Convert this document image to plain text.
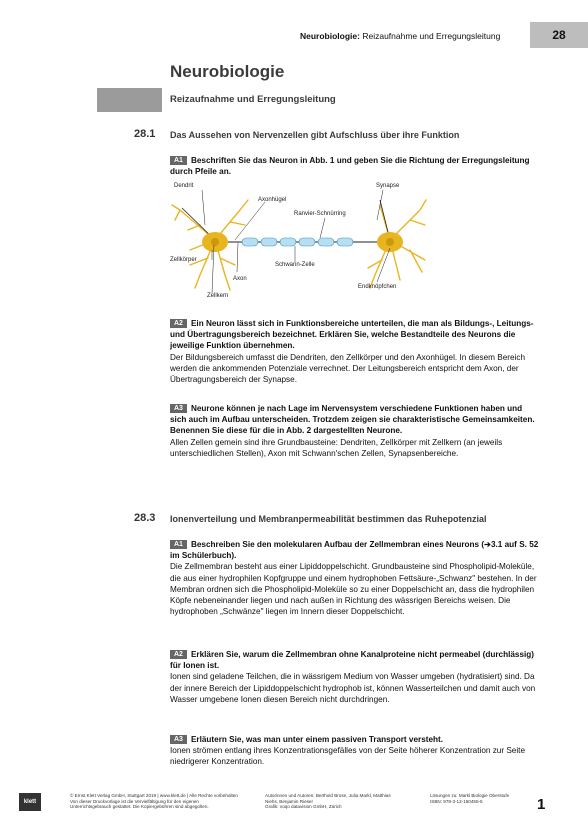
Neurobiologie: Reizaufnahme und Erregungsleitung	28
Neurobiologie
Reizaufnahme und Erregungsleitung
28.1 Das Aussehen von Nervenzellen gibt Aufschluss über ihre Funktion
A1 Beschriften Sie das Neuron in Abb. 1 und geben Sie die Richtung der Erregungsleitung durch Pfeile an.
Dendrit
Axonhügel
Ranvier-Schnürring
Synapse
Zellkörper
Schwann-Zelle
Axon
Endknöpfchen
Zellkern
A2 Ein Neuron lässt sich in Funktionsbereiche unterteilen, die man als Bildungs-, Leitungs- und Übertragungsbereich bezeichnet. Erklären Sie, welche Bestandteile des Neurons die jeweilige Funktion übernehmen.
Der Bildungsbereich umfasst die Dendriten, den Zellkörper und den Axonhügel. In diesem Bereich werden die ankommenden Potenziale verrechnet. Der Leitungsbereich entspricht dem Axon, der Übertragungsbereich der Synapse.
A3 Neurone können je nach Lage im Nervensystem verschiedene Funktionen haben und sich auch im Aufbau unterscheiden. Trotzdem zeigen sie charakteristische Gemeinsamkeiten. Benennen Sie diese für die in Abb. 2 dargestellten Neurone.
Allen Zellen gemein sind ihre Grundbausteine: Dendriten, Zellkörper mit Zellkern (an jeweils unterschiedlichen Stellen), Axon mit Schwann'schen Zellen, Synapsenbereiche.
28.3 Ionenverteilung und Membranpermeabilität bestimmen das Ruhepotenzial
A1 Beschreiben Sie den molekularen Aufbau der Zellmembran eines Neurons (➔3.1 auf S. 52 im Schülerbuch).
Die Zellmembran besteht aus einer Lipiddoppelschicht. Grundbausteine sind Phospholipid-Moleküle, die aus einer hydrophilen Kopfgruppe und einem hydrophoben Fettsäure-„Schwanz" bestehen. In der Membran ordnen sich die Phospholipid-Moleküle so zu einer Doppelschicht an, dass die hydrophilen Köpfe nebeneinander liegen und nach außen in Richtung des wässrigen Bereichs weisen. Die hydrophoben „Schwänze" liegen im Innern dieser Doppelschicht.
A2 Erklären Sie, warum die Zellmembran ohne Kanalproteine nicht permeabel (durchlässig) für Ionen ist.
Ionen sind geladene Teilchen, die in wässrigem Medium von Wasser umgeben (hydratisiert) sind. Da der innere Bereich der Lipiddoppelschicht hydrophob ist, können Wasserteilchen und damit auch von Wasser umgebene Ionen diesen Bereich nicht durchdringen.
A3 Erläutern Sie, was man unter einem passiven Transport versteht.
Ionen strömen entlang ihres Konzentrationsgefälles von der Seite höherer Konzentration zur Seite niedrigerer Konzentration.
klett
© Ernst Klett Verlag GmbH, Stuttgart 2019 | www.klett.de | Alle Rechte vorbehalten
Von dieser Druckvorlage ist die Vervielfältigung für den eigenen
Unterrichtsgebrauch gestattet. Die Kopiergebühren sind abgegolten.
Autorinnen und Autoren: Berthold Brose, Julia Markl, Matthias
Niehs, Benjamin Rieser
Grafik: voqo datavision GmbH, Zürich
Lösungen zu: Markl Biologie Oberstufe
ISBN: 978-3-12-150455-5	1
